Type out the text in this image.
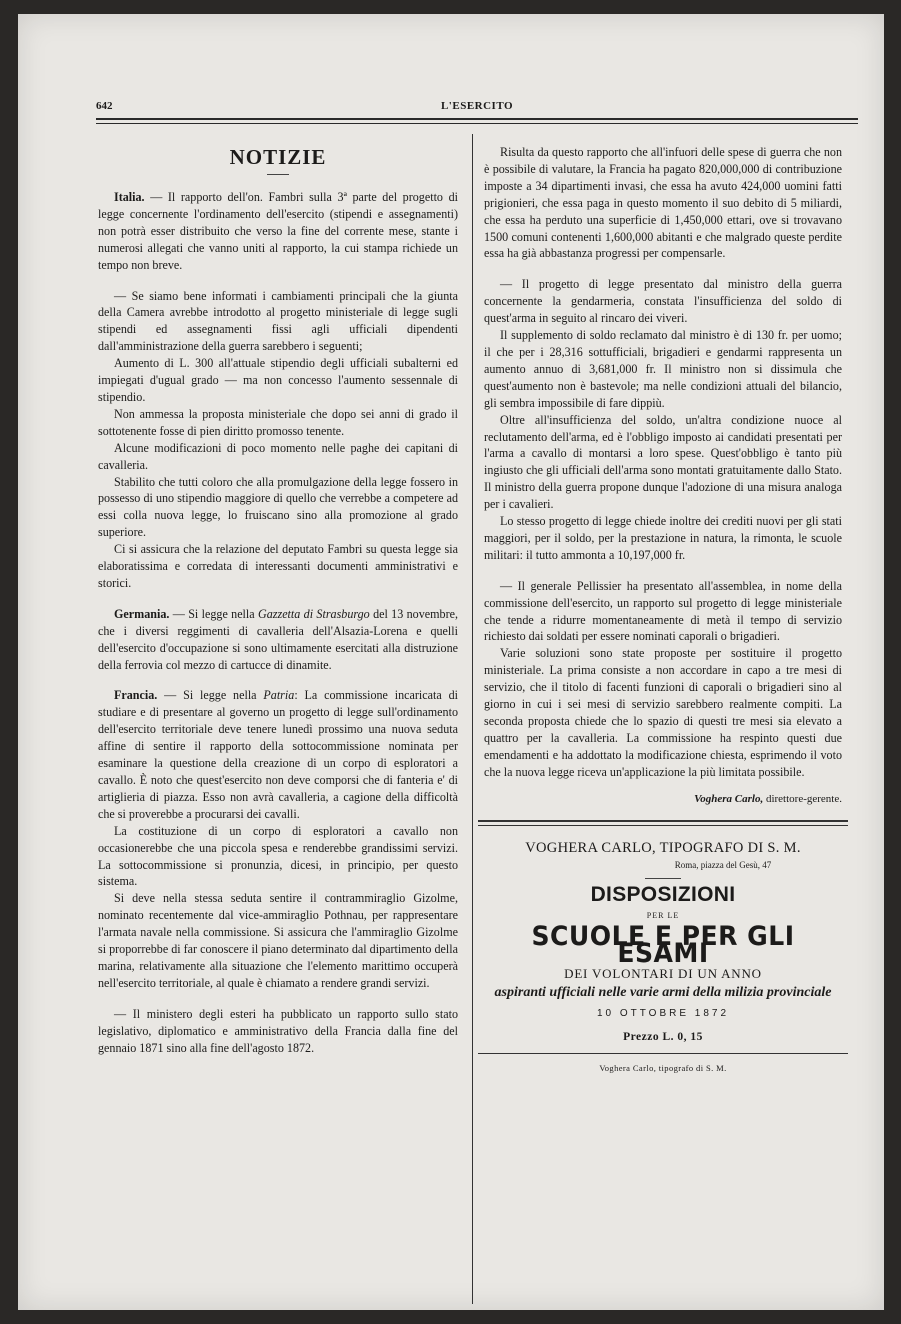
642	L'ESERCITO
NOTIZIE

Italia. — Il rapporto dell'on. Fambri sulla 3ª parte del progetto di legge concernente l'ordinamento dell'esercito (stipendi e assegnamenti) non potrà esser distribuito che verso la fine del corrente mese, stante i numerosi allegati che vanno uniti al rapporto, la cui stampa richiede un tempo non breve.

— Se siamo bene informati i cambiamenti principali che la giunta della Camera avrebbe introdotto al progetto ministeriale di legge sugli stipendi ed assegnamenti fissi agli ufficiali dipendenti dall'amministrazione della guerra sarebbero i seguenti;

Aumento di L. 300 all'attuale stipendio degli ufficiali subalterni ed impiegati d'ugual grado — ma non concesso l'aumento sessennale di stipendio.

Non ammessa la proposta ministeriale che dopo sei anni di grado il sottotenente fosse di pien diritto promosso tenente.

Alcune modificazioni di poco momento nelle paghe dei capitani di cavalleria.

Stabilito che tutti coloro che alla promulgazione della legge fossero in possesso di uno stipendio maggiore di quello che verrebbe a competere ad essi colla nuova legge, lo fruiscano sino alla promozione al grado superiore.

Ci si assicura che la relazione del deputato Fambri su questa legge sia elaboratissima e corredata di interessanti documenti amministrativi e storici.

Germania. — Si legge nella Gazzetta di Strasburgo del 13 novembre, che i diversi reggimenti di cavalleria dell'Alsazia-Lorena e quelli dell'esercito d'occupazione si sono ultimamente esercitati alla distruzione della ferrovia col mezzo di cartucce di dinamite.

Francia. — Si legge nella Patria: La commissione incaricata di studiare e di presentare al governo un progetto di legge sull'ordinamento dell'esercito territoriale deve tenere lunedì prossimo una nuova seduta affine di sentire il rapporto della sottocommissione nominata per esaminare la questione della creazione di un corpo di esploratori a cavallo. È noto che quest'esercito non deve comporsi che di fanteria e' di artiglieria di piazza. Esso non avrà cavalleria, a cagione della difficoltà che si proverebbe a procurarsi dei cavalli.

La costituzione di un corpo di esploratori a cavallo non occasionerebbe che una piccola spesa e renderebbe grandissimi servizi. La sottocommissione si pronunzia, dicesi, in principio, per questo sistema.

Si deve nella stessa seduta sentire il contrammiraglio Gizolme, nominato recentemente dal vice-ammiraglio Pothnau, per rappresentare l'armata navale nella commissione. Si assicura che l'ammiraglio Gizolme si proporrebbe di far conoscere il piano determinato dal dipartimento della marina, relativamente alla situazione che l'elemento marittimo occuperà nell'esercito territoriale, al quale è chiamato a rendere grandi servizi.

— Il ministero degli esteri ha pubblicato un rapporto sullo stato legislativo, diplomatico e amministrativo della Francia dalla fine del gennaio 1871 sino alla fine dell'agosto 1872.

Risulta da questo rapporto che all'infuori delle spese di guerra che non è possibile di valutare, la Francia ha pagato 820,000,000 di contribuzione imposte a 34 dipartimenti invasi, che essa ha avuto 424,000 uomini fatti prigionieri, che essa paga in questo momento il suo debito di 5 miliardi, che essa ha perduto una superficie di 1,450,000 ettari, ove si trovavano 1500 comuni contenenti 1,600,000 abitanti e che malgrado queste perdite essa ha già abbastanza progressi per compensarle.

— Il progetto di legge presentato dal ministro della guerra concernente la gendarmeria, constata l'insufficienza del soldo di quest'arma in seguito al rincaro dei viveri.

Il supplemento di soldo reclamato dal ministro è di 130 fr. per uomo; il che per i 28,316 sottufficiali, brigadieri e gendarmi rappresenta un aumento annuo di 3,681,000 fr. Il ministro non si dissimula che quest'aumento non è bastevole; ma nelle condizioni attuali del bilancio, gli sembra impossibile di fare dippiù.

Oltre all'insufficienza del soldo, un'altra condizione nuoce al reclutamento dell'arma, ed è l'obbligo imposto ai candidati presentati per l'arma a cavallo di montarsi a loro spese. Quest'obbligo è tanto più ingiusto che gli ufficiali dell'arma sono montati gratuitamente dallo Stato. Il ministro della guerra propone dunque l'adozione di una misura analoga per i cavalieri.

Lo stesso progetto di legge chiede inoltre dei crediti nuovi per gli stati maggiori, per il soldo, per la prestazione in natura, la rimonta, le scuole militari: il tutto ammonta a 10,197,000 fr.

— Il generale Pellissier ha presentato all'assemblea, in nome della commissione dell'esercito, un rapporto sul progetto di legge ministeriale che tende a ridurre momentaneamente di metà il tempo di servizio richiesto dai soldati per essere nominati caporali o brigadieri.

Varie soluzioni sono state proposte per sostituire il progetto ministeriale. La prima consiste a non accordare in capo a tre mesi di servizio, che il titolo di facenti funzioni di caporali o brigadieri sino al giorno in cui i sei mesi di servizio sarebbero realmente compiti. La seconda proposta chiede che lo spazio di questi tre mesi sia elevato a quattro per la cavalleria. La commissione ha respinto questi due emendamenti e ha addottato la modificazione chiesta, esprimendo il voto che la nuova legge riceva un'applicazione la più limitata possibile.

Voghera Carlo, direttore-gerente.
VOGHERA CARLO, TIPOGRAFO DI S. M.
Roma, piazza del Gesù, 47
DISPOSIZIONI
PER LE
SCUOLE E PER GLI ESAMI
DEI VOLONTARI DI UN ANNO
aspiranti ufficiali nelle varie armi della milizia provinciale
10 OTTOBRE 1872
Prezzo L. 0, 15
Voghera Carlo, tipografo di S. M.
